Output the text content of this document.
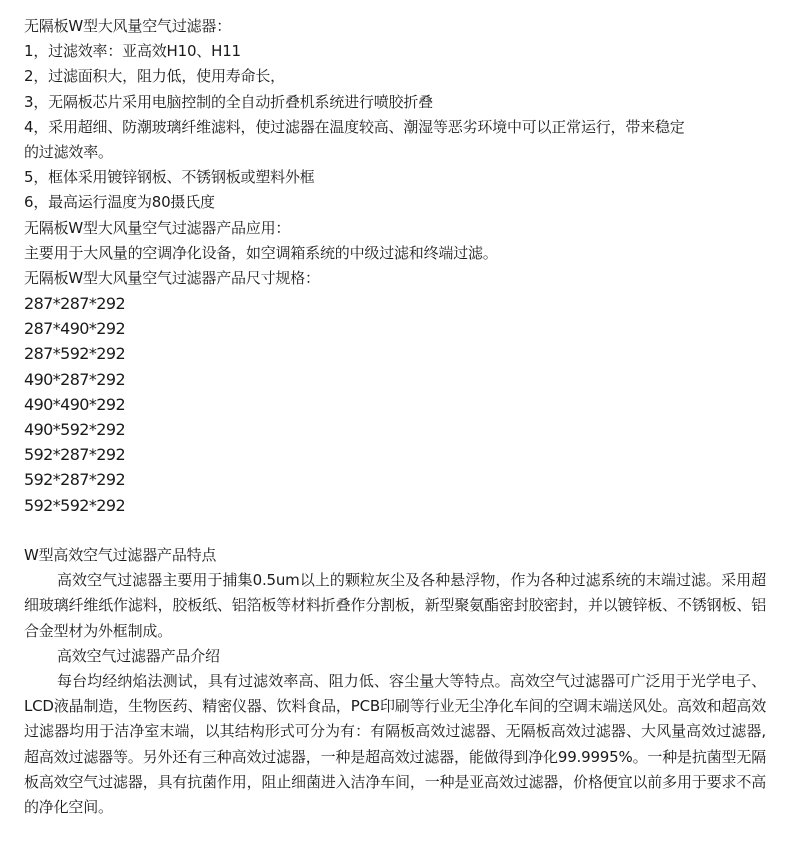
无隔板W型大风量空气过滤器：
1，过滤效率：亚高效H10、H11
2，过滤面积大，阻力低，使用寿命长，
3，无隔板芯片采用电脑控制的全自动折叠机系统进行喷胶折叠
4，采用超细、防潮玻璃纤维滤料，使过滤器在温度较高、潮湿等恶劣环境中可以正常运行，带来稳定
的过滤效率。
5，框体采用镀锌钢板、不锈钢板或塑料外框
6，最高运行温度为80摄氏度
无隔板W型大风量空气过滤器产品应用：
主要用于大风量的空调净化设备，如空调箱系统的中级过滤和终端过滤。
无隔板W型大风量空气过滤器产品尺寸规格：
287*287*292
287*490*292
287*592*292
490*287*292
490*490*292
490*592*292
592*287*292
592*287*292
592*592*292
W型高效空气过滤器产品特点

高效空气过滤器主要用于捕集0.5um以上的颗粒灰尘及各种悬浮物，作为各种过滤系统的末端过滤。采用超细玻璃纤维纸作滤料，胶板纸、铝箔板等材料折叠作分割板，新型聚氨酯密封胶密封，并以镀锌板、不锈钢板、铝合金型材为外框制成。

高效空气过滤器产品介绍

每台均经纳焰法测试，具有过滤效率高、阻力低、容尘量大等特点。高效空气过滤器可广泛用于光学电子、LCD液晶制造，生物医药、精密仪器、饮料食品，PCB印刷等行业无尘净化车间的空调末端送风处。高效和超高效过滤器均用于洁净室末端，以其结构形式可分为有：有隔板高效过滤器、无隔板高效过滤器、大风量高效过滤器,超高效过滤器等。另外还有三种高效过滤器，一种是超高效过滤器，能做得到净化99.9995%。一种是抗菌型无隔板高效空气过滤器，具有抗菌作用，阻止细菌进入洁净车间，一种是亚高效过滤器，价格便宜以前多用于要求不高的净化空间。
